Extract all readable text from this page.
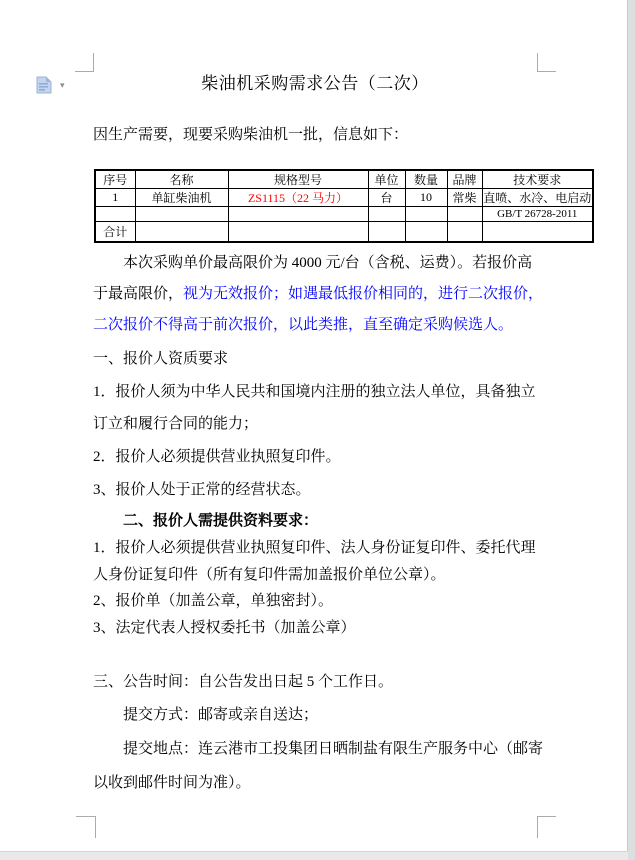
▾	柴油机采购需求公告（二次）
因生产需要，现要采购柴油机一批，信息如下：
序号	名称	规格型号	单位	数量	品牌	技术要求
1	单缸柴油机	ZS1115（22 马力）	台	10	常柴	直喷、水冷、电启动
						GB/T 26728-2011
合计						
本次采购单价最高限价为 4000 元/台（含税、运费）。若报价高
于最高限价，视为无效报价；如遇最低报价相同的，进行二次报价，
二次报价不得高于前次报价，以此类推，直至确定采购候选人。
一、报价人资质要求
1．报价人须为中华人民共和国境内注册的独立法人单位，具备独立
订立和履行合同的能力；
2．报价人必须提供营业执照复印件。
3、报价人处于正常的经营状态。
二、报价人需提供资料要求：
1．报价人必须提供营业执照复印件、法人身份证复印件、委托代理
人身份证复印件（所有复印件需加盖报价单位公章）。
2、报价单（加盖公章，单独密封）。
3、法定代表人授权委托书（加盖公章）
三、公告时间：自公告发出日起 5 个工作日。
提交方式：邮寄或亲自送达；
提交地点：连云港市工投集团日晒制盐有限生产服务中心（邮寄
以收到邮件时间为准）。
